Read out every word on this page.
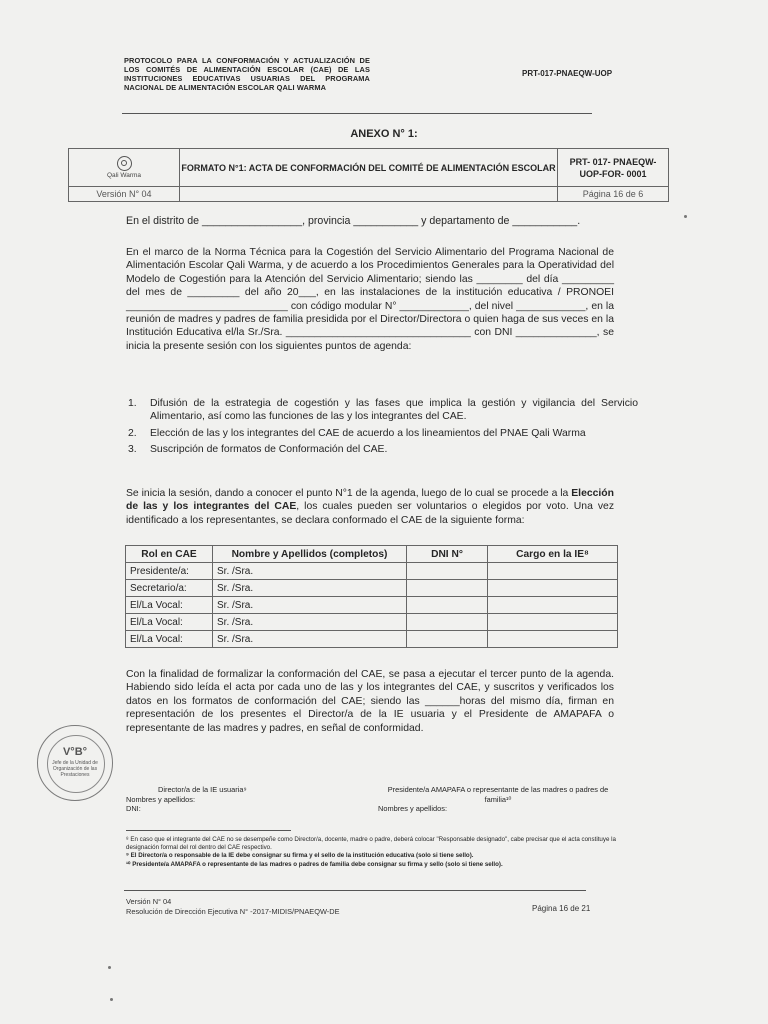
PROTOCOLO PARA LA CONFORMACIÓN Y ACTUALIZACIÓN DE LOS COMITÉS DE ALIMENTACIÓN ESCOLAR (CAE) DE LAS INSTITUCIONES EDUCATIVAS USUARIAS DEL PROGRAMA NACIONAL DE ALIMENTACIÓN ESCOLAR QALI WARMA
PRT-017-PNAEQW-UOP
ANEXO N° 1:
Qali Warma	FORMATO N°1: ACTA DE CONFORMACIÓN DEL COMITÉ DE ALIMENTACIÓN ESCOLAR	PRT- 017- PNAEQW- UOP-FOR- 0001
Versión N° 04		Página 16 de 6
En el distrito de _________________, provincia ___________ y departamento de ___________.
En el marco de la Norma Técnica para la Cogestión del Servicio Alimentario del Programa Nacional de Alimentación Escolar Qali Warma, y de acuerdo a los Procedimientos Generales para la Operatividad del Modelo de Cogestión para la Atención del Servicio Alimentario; siendo las ________ del día _________ del mes de _________ del año 20___, en las instalaciones de la institución educativa / PRONOEI ____________________________ con código modular N° ____________, del nivel ____________, en la reunión de madres y padres de familia presidida por el Director/Directora o quien haga de sus veces en la Institución Educativa el/la Sr./Sra. ________________________________ con DNI ______________, se inicia la presente sesión con los siguientes puntos de agenda:
1. Difusión de la estrategia de cogestión y las fases que implica la gestión y vigilancia del Servicio Alimentario, así como las funciones de las y los integrantes del CAE.
2. Elección de las y los integrantes del CAE de acuerdo a los lineamientos del PNAE Qali Warma
3. Suscripción de formatos de Conformación del CAE.
Se inicia la sesión, dando a conocer el punto N°1 de la agenda, luego de lo cual se procede a la Elección de las y los integrantes del CAE, los cuales pueden ser voluntarios o elegidos por voto. Una vez identificado a los representantes, se declara conformado el CAE de la siguiente forma:
Rol en CAE	Nombre y Apellidos (completos)	DNI N°	Cargo en la IE⁸
Presidente/a:	Sr. /Sra.		
Secretario/a:	Sr. /Sra.		
El/La Vocal:	Sr. /Sra.		
El/La Vocal:	Sr. /Sra.		
El/La Vocal:	Sr. /Sra.		
Con la finalidad de formalizar la conformación del CAE, se pasa a ejecutar el tercer punto de la agenda. Habiendo sido leída el acta por cada uno de las y los integrantes del CAE, y suscritos y verificados los datos en los formatos de conformación del CAE; siendo las ______horas del mismo día, firman en representación de los presentes el Director/a de la IE usuaria y el Presidente de AMAPAFA o representante de las madres y padres, en señal de conformidad.
V°B°
Jefe de la Unidad de Organización de las Prestaciones
Director/a de la IE usuaria⁹
Nombres y apellidos:
DNI:
Presidente/a AMAPAFA o representante de las madres o padres de familia¹⁰
Nombres y apellidos:
⁸ En caso que el integrante del CAE no se desempeñe como Director/a, docente, madre o padre, deberá colocar "Responsable designado", cabe precisar que el acta constituye la designación formal del rol dentro del CAE respectivo.
⁹ El Director/a o responsable de la IE debe consignar su firma y el sello de la institución educativa (solo si tiene sello).
¹⁰ Presidente/a AMAPAFA o representante de las madres o padres de familia debe consignar su firma y sello (solo si tiene sello).
Versión N° 04
Resolución de Dirección Ejecutiva N° -2017-MIDIS/PNAEQW-DE	Página 16 de 21
